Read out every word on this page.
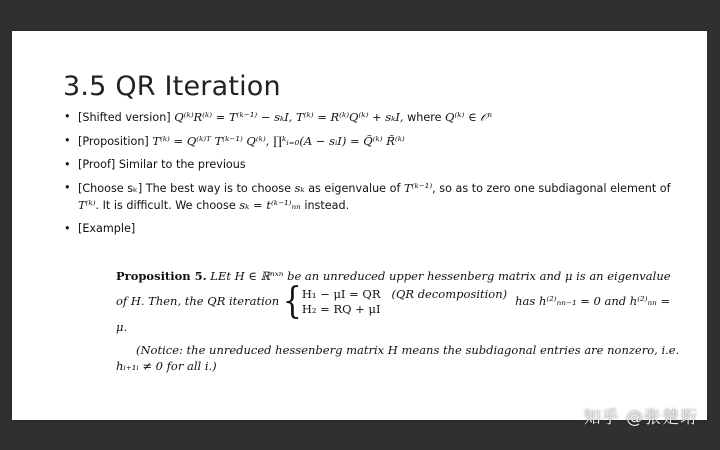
3.5 QR Iteration
• [Shifted version] Q⁽ᵏ⁾R⁽ᵏ⁾ = T⁽ᵏ⁻¹⁾ − sₖI, T⁽ᵏ⁾ = R⁽ᵏ⁾Q⁽ᵏ⁾ + sₖI, where Q⁽ᵏ⁾ ∈ 𝒪ⁿ
• [Proposition] T⁽ᵏ⁾ = Q⁽ᵏ⁾ᵀ T⁽ᵏ⁻¹⁾ Q⁽ᵏ⁾, ∏ᵏᵢ₌₀(A − sᵢI) = Q̃⁽ᵏ⁾ R̃⁽ᵏ⁾
• [Proof] Similar to the previous
• [Choose sₖ] The best way is to choose sₖ as eigenvalue of T⁽ᵏ⁻¹⁾, so as to zero one subdiagonal element of T⁽ᵏ⁾. It is difficult. We choose sₖ = t⁽ᵏ⁻¹⁾ₙₙ instead.
• [Example]
Proposition 5. LEt H ∈ ℝⁿˣⁿ be an unreduced upper hessenberg matrix and μ is an eigenvalue
of H. Then, the QR iteration {H₁ − μI = QR (QR decomposition)
H₂ = RQ + μIhas h⁽²⁾ₙₙ₋₁ = 0 and h⁽²⁾ₙₙ =
μ.
(Notice: the unreduced hessenberg matrix H means the subdiagonal entries are nonzero, i.e.
hᵢ₊₁ᵢ ≠ 0 for all i.)
知乎 @张楚珩
